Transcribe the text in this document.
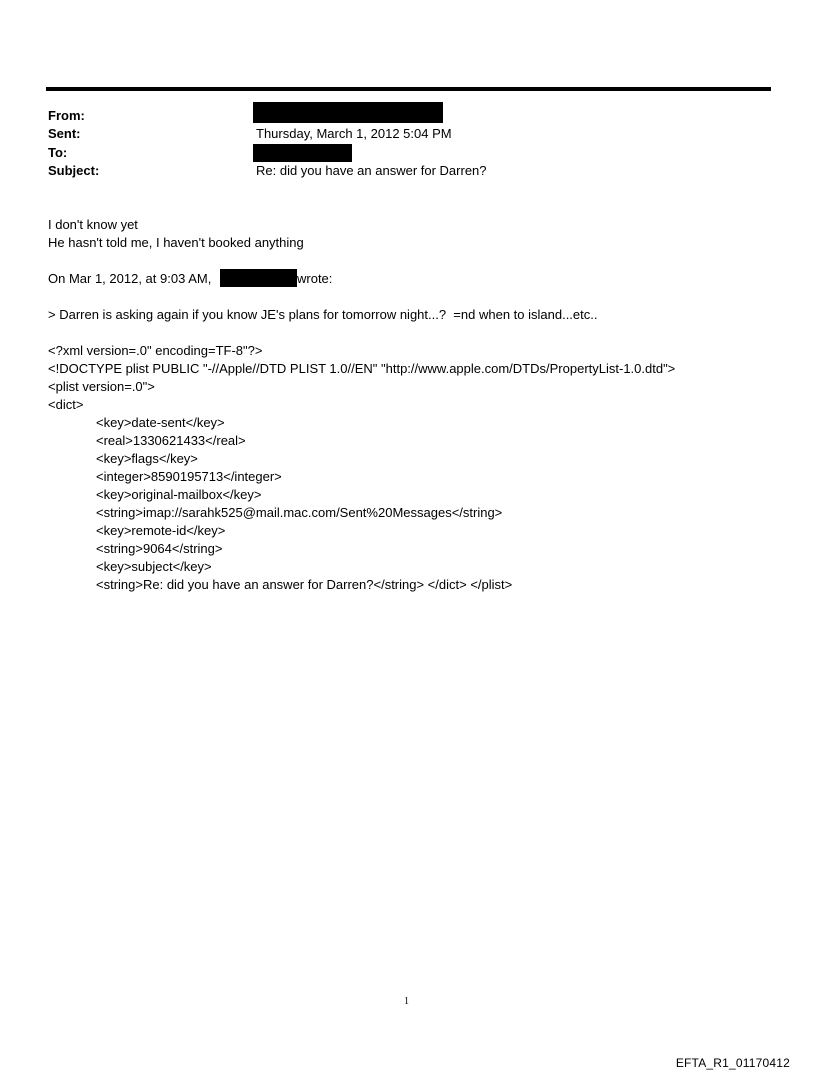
From:
Sent:	Thursday, March 1, 2012 5:04 PM
To:
Subject:	Re: did you have an answer for Darren?
I don't know yet
He hasn't told me, I haven't booked anything
On Mar 1, 2012, at 9:03 AM,	wrote:
> Darren is asking again if you know JE's plans for tomorrow night...?  =nd when to island...etc..
<?xml version=.0" encoding=TF-8"?>
<!DOCTYPE plist PUBLIC "-//Apple//DTD PLIST 1.0//EN" "http://www.apple.com/DTDs/PropertyList-1.0.dtd">
<plist version=.0">
<dict>
<key>date-sent</key>
<real>1330621433</real>
<key>flags</key>
<integer>8590195713</integer>
<key>original-mailbox</key>
<string>imap://sarahk525@mail.mac.com/Sent%20Messages</string>
<key>remote-id</key>
<string>9064</string>
<key>subject</key>
<string>Re: did you have an answer for Darren?</string> </dict> </plist>
1
EFTA_R1_01170412
